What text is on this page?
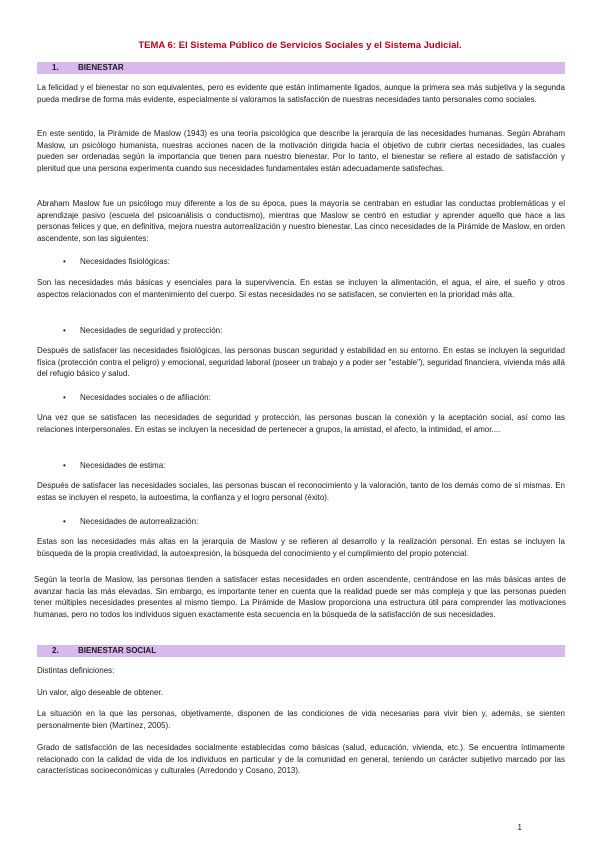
TEMA 6: El Sistema Público de Servicios Sociales y el Sistema Judicial.
1. BIENESTAR

La felicidad y el bienestar no son equivalentes, pero es evidente que están íntimamente ligados, aunque la primera sea más subjetiva y la segunda pueda medirse de forma más evidente, especialmente si valoramos la satisfacción de nuestras necesidades tanto personales como sociales.

En este sentido, la Pirámide de Maslow (1943) es una teoría psicológica que describe la jerarquía de las necesidades humanas. Según Abraham Maslow, un psicólogo humanista, nuestras acciones nacen de la motivación dirigida hacia el objetivo de cubrir ciertas necesidades, las cuales pueden ser ordenadas según la importancia que tienen para nuestro bienestar. Por lo tanto, el bienestar se refiere al estado de satisfacción y plenitud que una persona experimenta cuando sus necesidades fundamentales están adecuadamente satisfechas.

Abraham Maslow fue un psicólogo muy diferente a los de su época, pues la mayoría se centraban en estudiar las conductas problemáticas y el aprendizaje pasivo (escuela del psicoanálisis o conductismo), mientras que Maslow se centró en estudiar y aprender aquello que hace a las personas felices y que, en definitiva, mejora nuestra autorrealización y nuestro bienestar. Las cinco necesidades de la Pirámide de Maslow, en orden ascendente, son las siguientes:

• Necesidades fisiológicas:

Son las necesidades más básicas y esenciales para la supervivencia. En estas se incluyen la alimentación, el agua, el aire, el sueño y otros aspectos relacionados con el mantenimiento del cuerpo. Si estas necesidades no se satisfacen, se convierten en la prioridad más alta.

• Necesidades de seguridad y protección:

Después de satisfacer las necesidades fisiológicas, las personas buscan seguridad y estabilidad en su entorno. En estas se incluyen la seguridad física (protección contra el peligro) y emocional, seguridad laboral (poseer un trabajo y a poder ser "estable"), seguridad financiera, vivienda más allá del refugio básico y salud.

• Necesidades sociales o de afiliación:

Una vez que se satisfacen las necesidades de seguridad y protección, las personas buscan la conexión y la aceptación social, así como las relaciones interpersonales. En estas se incluyen la necesidad de pertenecer a grupos, la amistad, el afecto, la intimidad, el amor....

• Necesidades de estima:

Después de satisfacer las necesidades sociales, las personas buscan el reconocimiento y la valoración, tanto de los demás como de sí mismas. En estas se incluyen el respeto, la autoestima, la confianza y el logro personal (éxito).

• Necesidades de autorrealización:

Estas son las necesidades más altas en la jerarquía de Maslow y se refieren al desarrollo y la realización personal. En estas se incluyen la búsqueda de la propia creatividad, la autoexpresión, la búsqueda del conocimiento y el cumplimiento del propio potencial.

Según la teoría de Maslow, las personas tienden a satisfacer estas necesidades en orden ascendente, centrándose en las más básicas antes de avanzar hacia las más elevadas. Sin embargo, es importante tener en cuenta que la realidad puede ser más compleja y que las personas pueden tener múltiples necesidades presentes al mismo tiempo. La Pirámide de Maslow proporciona una estructura útil para comprender las motivaciones humanas, pero no todos los individuos siguen exactamente esta secuencia en la búsqueda de la satisfacción de sus necesidades.

2. BIENESTAR SOCIAL

Distintas definiciones:

Un valor, algo deseable de obtener.

La situación en la que las personas, objetivamente, disponen de las condiciones de vida necesarias para vivir bien y, además, se sienten personalmente bien (Martínez, 2005).

Grado de satisfacción de las necesidades socialmente establecidas como básicas (salud, educación, vivienda, etc.). Se encuentra íntimamente relacionado con la calidad de vida de los individuos en particular y de la comunidad en general, teniendo un carácter subjetivo marcado por las características socioeconómicas y culturales (Arredondo y Cosano, 2013).

1
